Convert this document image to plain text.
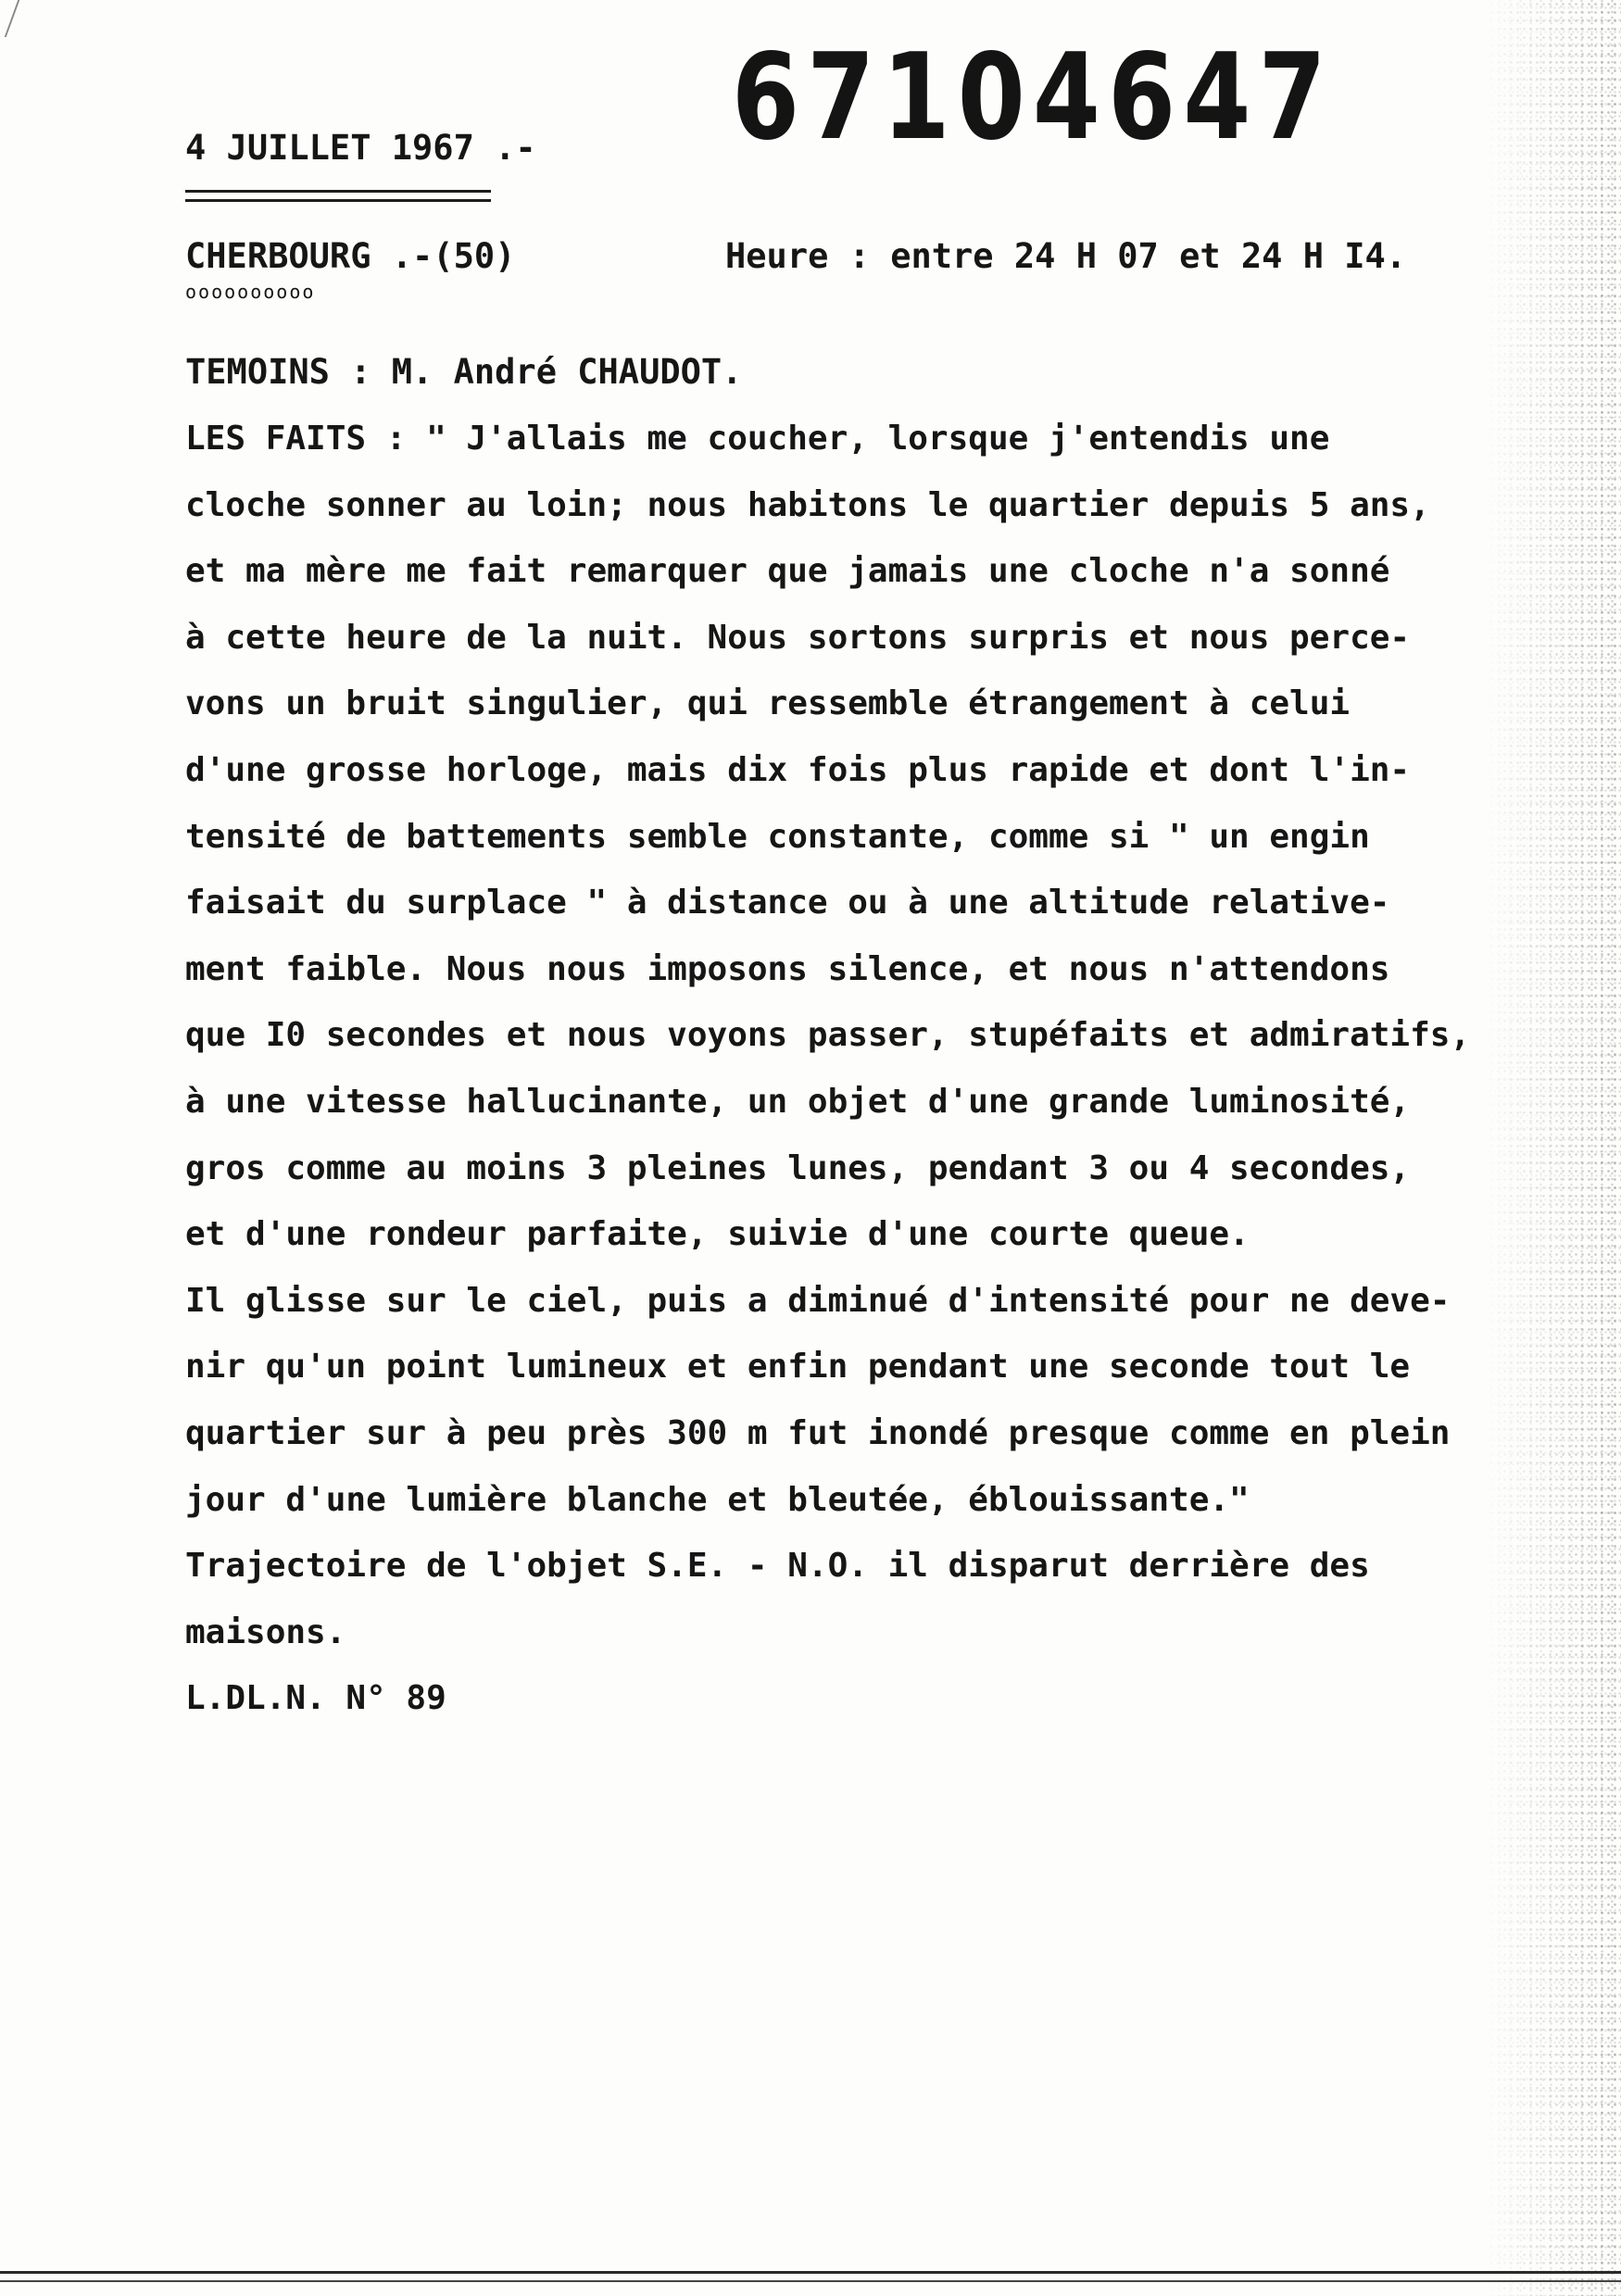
67104647
4 JUILLET 1967 .-
CHERBOURG .-(50)
oooooooooo
Heure : entre 24 H 07 et 24 H I4.
TEMOINS : M. André CHAUDOT.
LES FAITS : " J'allais me coucher, lorsque j'entendis une
cloche sonner au loin; nous habitons le quartier depuis 5 ans,
et ma mère me fait remarquer que jamais une cloche n'a sonné
à cette heure de la nuit. Nous sortons surpris et nous perce-
vons un bruit singulier, qui ressemble étrangement à celui
d'une grosse horloge, mais dix fois plus rapide et dont l'in-
tensité de battements semble constante, comme si " un engin
faisait du surplace " à distance ou à une altitude relative-
ment faible. Nous nous imposons silence, et nous n'attendons
que I0 secondes et nous voyons passer, stupéfaits et admiratifs,
à une vitesse hallucinante, un objet d'une grande luminosité,
gros comme au moins 3 pleines lunes, pendant 3 ou 4 secondes,
et d'une rondeur parfaite, suivie d'une courte queue.
Il glisse sur le ciel, puis a diminué d'intensité pour ne deve-
nir qu'un point lumineux et enfin pendant une seconde tout le
quartier sur à peu près 300 m fut inondé presque comme en plein
jour d'une lumière blanche et bleutée, éblouissante."
Trajectoire de l'objet S.E. - N.O. il disparut derrière des
maisons.
L.DL.N. N° 89
